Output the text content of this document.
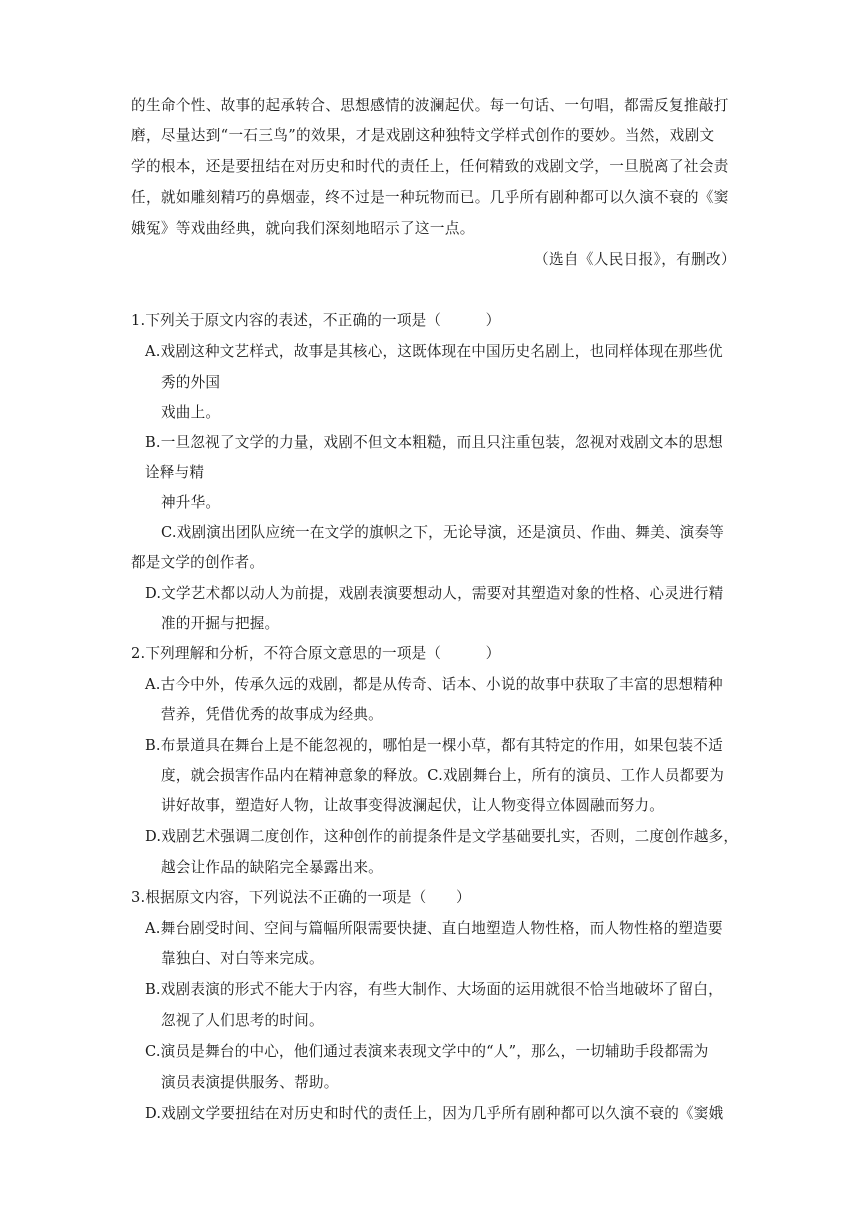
的生命个性、故事的起承转合、思想感情的波澜起伏。每一句话、一句唱，都需反复推敲打
磨，尽量达到“一石三鸟”的效果，才是戏剧这种独特文学样式创作的要妙。当然，戏剧文
学的根本，还是要扭结在对历史和时代的责任上，任何精致的戏剧文学，一旦脱离了社会责
任，就如雕刻精巧的鼻烟壶，终不过是一种玩物而已。几乎所有剧种都可以久演不衰的《窦
娥冤》等戏曲经典，就向我们深刻地昭示了这一点。
（选自《人民日报》，有删改）
1.下列关于原文内容的表述，不正确的一项是（　　　）
A.戏剧这种文艺样式，故事是其核心，这既体现在中国历史名剧上，也同样体现在那些优
秀的外国
戏曲上。
B.一旦忽视了文学的力量，戏剧不但文本粗糙，而且只注重包装，忽视对戏剧文本的思想
诠释与精
神升华。
C.戏剧演出团队应统一在文学的旗帜之下，无论导演，还是演员、作曲、舞美、演奏等
都是文学的创作者。
D.文学艺术都以动人为前提，戏剧表演要想动人，需要对其塑造对象的性格、心灵进行精
准的开掘与把握。
2.下列理解和分析，不符合原文意思的一项是（　　　）
A.古今中外，传承久远的戏剧，都是从传奇、话本、小说的故事中获取了丰富的思想精种
营养，凭借优秀的故事成为经典。
B.布景道具在舞台上是不能忽视的，哪怕是一棵小草，都有其特定的作用，如果包装不适
度，就会损害作品内在精神意象的释放。C.戏剧舞台上，所有的演员、工作人员都要为
讲好故事，塑造好人物，让故事变得波澜起伏，让人物变得立体圆融而努力。
D.戏剧艺术强调二度创作，这种创作的前提条件是文学基础要扎实，否则，二度创作越多，
越会让作品的缺陷完全暴露出来。
3.根据原文内容，下列说法不正确的一项是（　　）
A.舞台剧受时间、空间与篇幅所限需要快捷、直白地塑造人物性格，而人物性格的塑造要
靠独白、对白等来完成。
B.戏剧表演的形式不能大于内容，有些大制作、大场面的运用就很不恰当地破坏了留白，
忽视了人们思考的时间。
C.演员是舞台的中心，他们通过表演来表现文学中的“人”，那么，一切辅助手段都需为
演员表演提供服务、帮助。
D.戏剧文学要扭结在对历史和时代的责任上，因为几乎所有剧种都可以久演不衰的《窦娥
